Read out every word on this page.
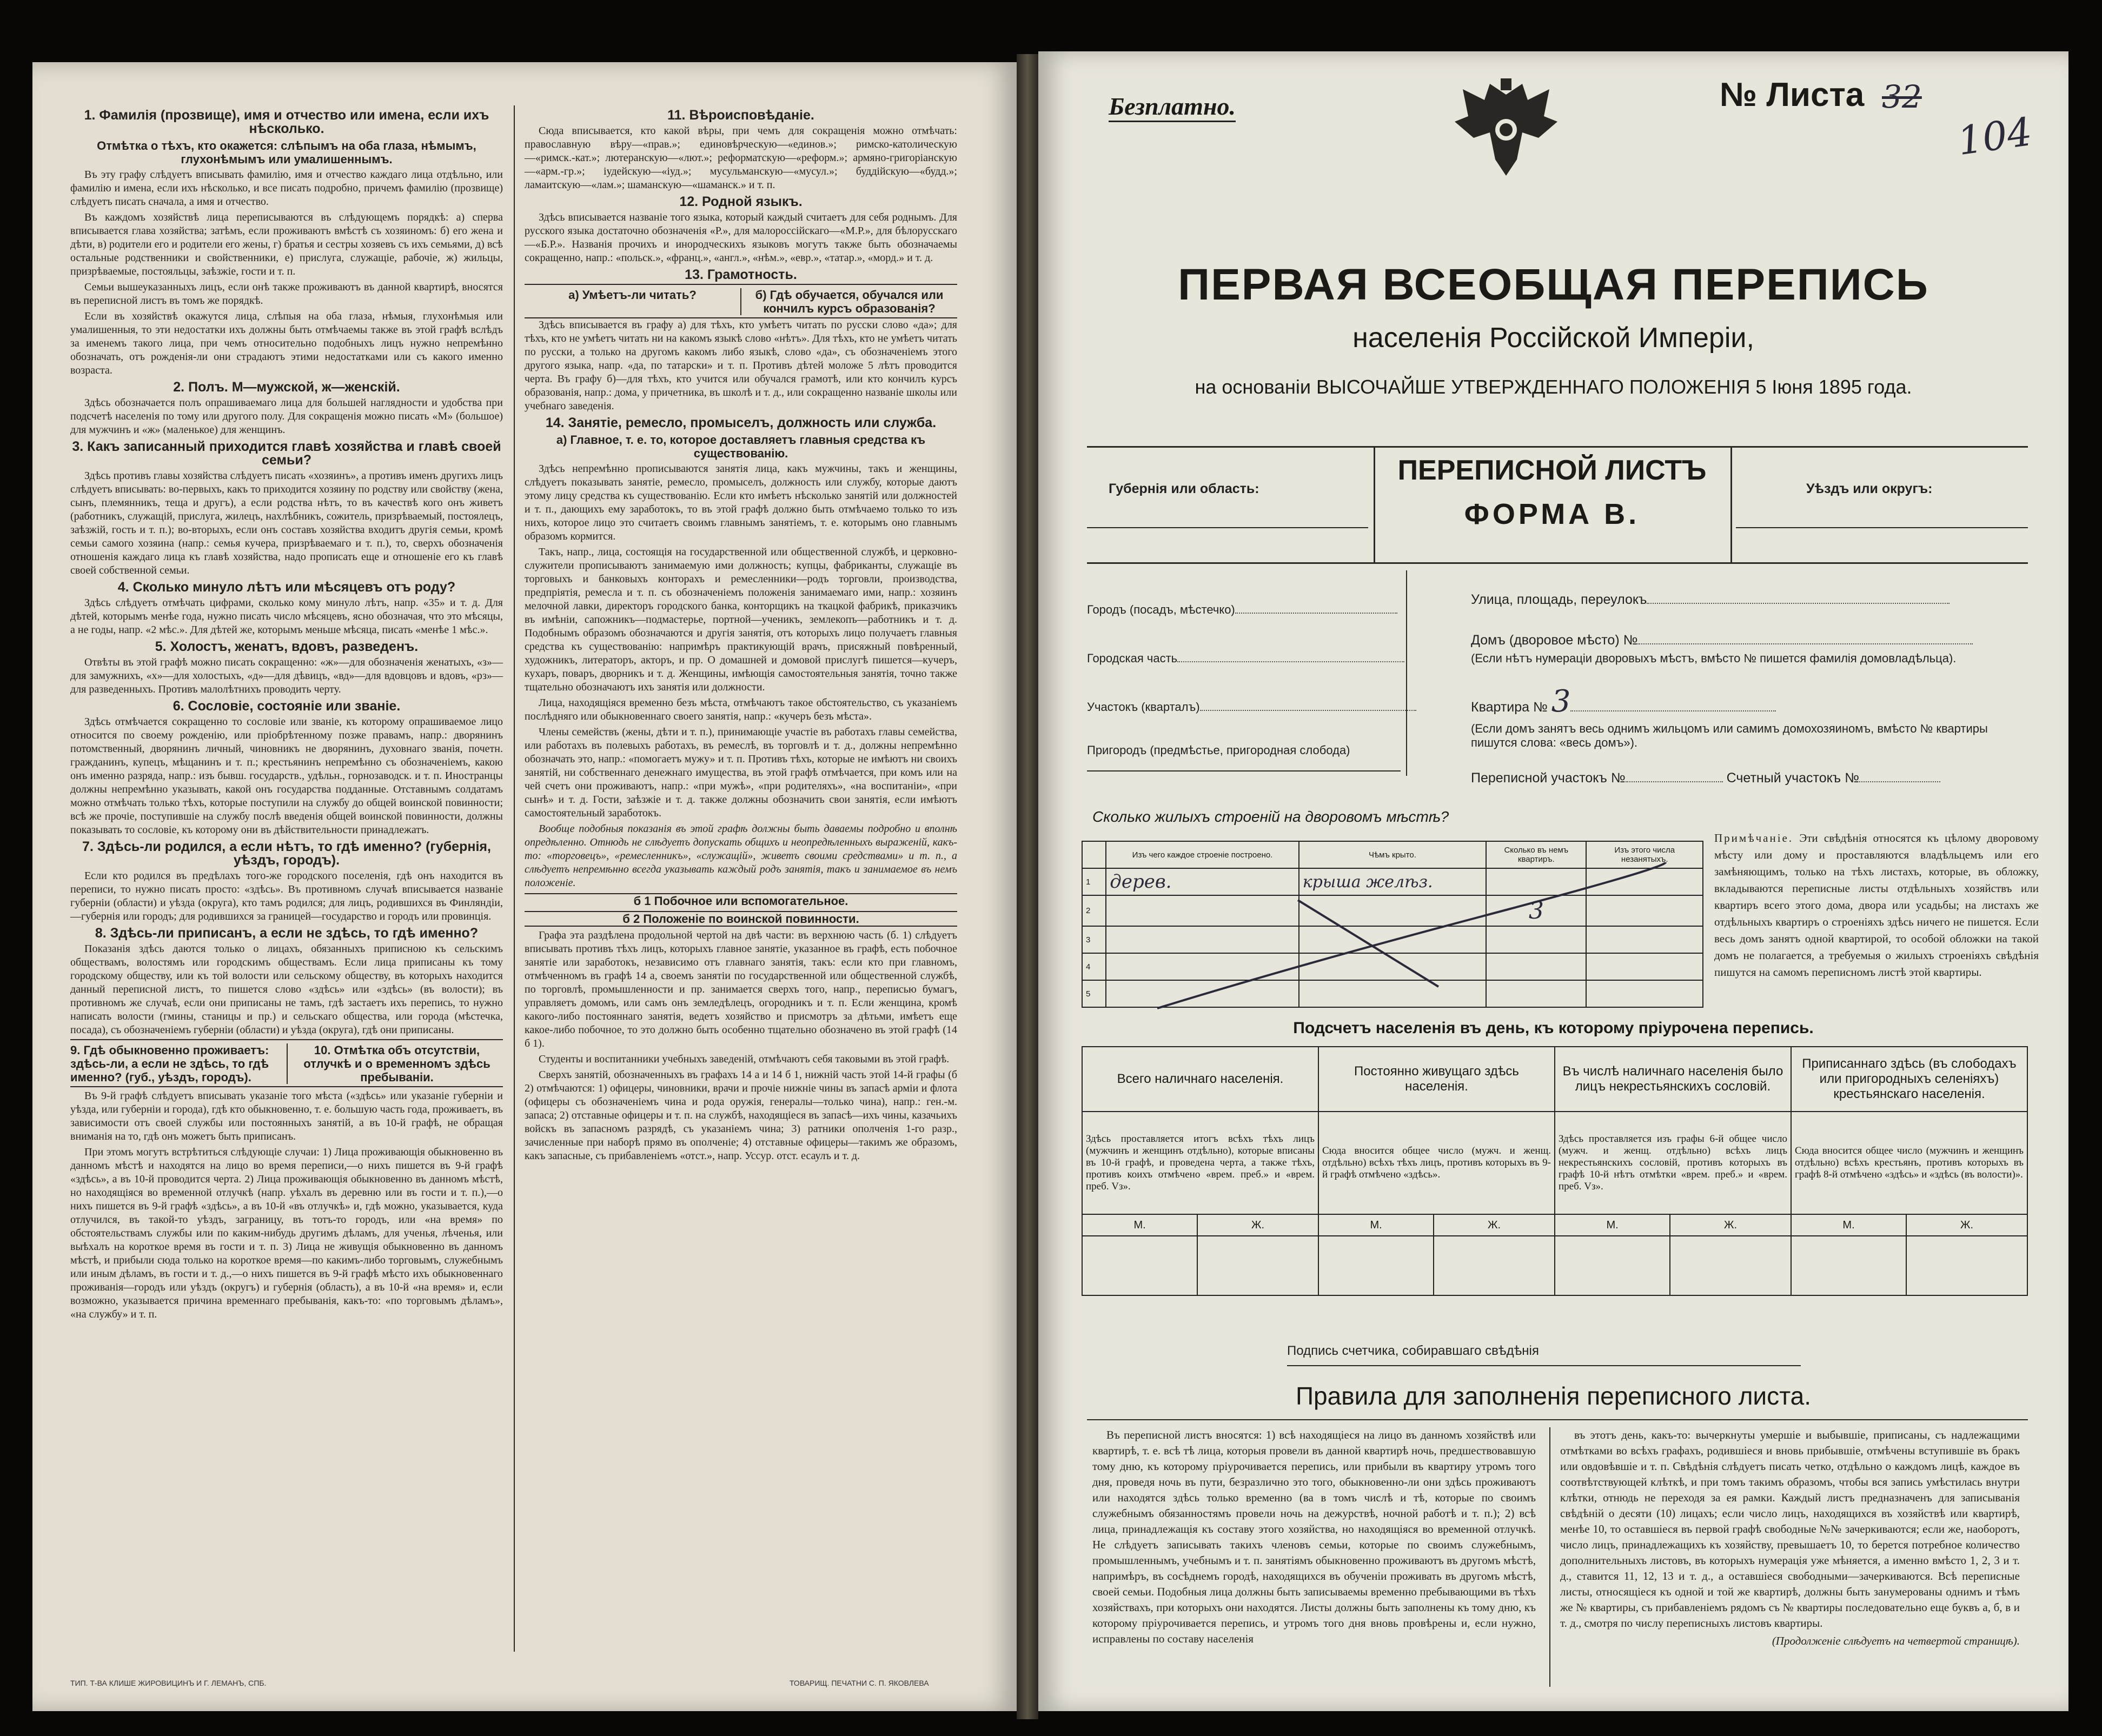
1. Фамилія (прозвище), имя и отчество или имена, если ихъ нѣсколько.
Отмѣтка о тѣхъ, кто окажется: слѣпымъ на оба глаза, нѣмымъ, глухонѣмымъ или умалишеннымъ.

Въ эту графу слѣдуетъ вписывать фамилію, имя и отчество каждаго лица отдѣльно, или фамилію и имена, если ихъ нѣсколько, и все писать подробно, причемъ фамилію (прозвище) слѣдуетъ писать сначала, а имя и отчество.

Въ каждомъ хозяйствѣ лица переписываются въ слѣдующемъ порядкѣ: а) сперва вписывается глава хозяйства; затѣмъ, если проживаютъ вмѣстѣ съ хозяиномъ: б) его жена и дѣти, в) родители его и родители его жены, г) братья и сестры хозяевъ съ ихъ семьями, д) всѣ остальные родственники и свойственники, е) прислуга, служащіе, рабочіе, ж) жильцы, призрѣваемые, постояльцы, заѣзжіе, гости и т. п.

Семьи вышеуказанныхъ лицъ, если онѣ также проживаютъ въ данной квартирѣ, вносятся въ переписной листъ въ томъ же порядкѣ.

Если въ хозяйствѣ окажутся лица, слѣпыя на оба глаза, нѣмыя, глухонѣмыя или умалишенныя, то эти недостатки ихъ должны быть отмѣчаемы также въ этой графѣ вслѣдъ за именемъ такого лица, при чемъ относительно подобныхъ лицъ нужно непремѣнно обозначать, отъ рожденія-ли они страдаютъ этими недостатками или съ какого именно возраста.

2. Полъ. М—мужской, ж—женскій.

Здѣсь обозначается полъ опрашиваемаго лица для большей наглядности и удобства при подсчетѣ населенія по тому или другого полу. Для сокращенія можно писать «М» (большое) для мужчинъ и «ж» (маленькое) для женщинъ.

3. Какъ записанный приходится главѣ хозяйства и главѣ своей семьи?

Здѣсь противъ главы хозяйства слѣдуетъ писать «хозяинъ», а противъ именъ другихъ лицъ слѣдуетъ вписывать: во-первыхъ, какъ то приходится хозяину по родству или свойству (жена, сынъ, племянникъ, теща и другъ), а если родства нѣтъ, то въ качествѣ кого онъ живетъ (работникъ, служащій, прислуга, жилецъ, нахлѣбникъ, сожитель, призрѣваемый, постоялецъ, заѣзжій, гость и т. п.); во-вторыхъ, если онъ составъ хозяйства входитъ другія семьи, кромѣ семьи самого хозяина (напр.: семья кучера, призрѣваемаго и т. п.), то, сверхъ обозначенія отношенія каждаго лица къ главѣ хозяйства, надо прописать еще и отношеніе его къ главѣ своей собственной семьи.

4. Сколько минуло лѣтъ или мѣсяцевъ отъ роду?

Здѣсь слѣдуетъ отмѣчать цифрами, сколько кому минуло лѣтъ, напр. «35» и т. д. Для дѣтей, которымъ менѣе года, нужно писать число мѣсяцевъ, ясно обозначая, что это мѣсяцы, а не годы, напр. «2 мѣс.». Для дѣтей же, которымъ меньше мѣсяца, писать «менѣе 1 мѣс.».

5. Холостъ, женатъ, вдовъ, разведенъ.

Отвѣты въ этой графѣ можно писать сокращенно: «ж»—для обозначенія женатыхъ, «з»—для замужнихъ, «х»—для холостыхъ, «д»—для дѣвицъ, «вд»—для вдовцовъ и вдовъ, «рз»—для разведенныхъ. Противъ малолѣтнихъ проводить черту.

6. Сословіе, состояніе или званіе.

Здѣсь отмѣчается сокращенно то сословіе или званіе, къ которому опрашиваемое лицо относится по своему рожденію, или пріобрѣтенному позже правамъ, напр.: дворянинъ потомственный, дворянинъ личный, чиновникъ не дворянинъ, духовнаго званія, почетн. гражданинъ, купецъ, мѣщанинъ и т. п.; крестьянинъ непремѣнно съ обозначеніемъ, какою онъ именно разряда, напр.: изъ бывш. государств., удѣльн., горнозаводск. и т. п. Иностранцы должны непремѣнно указывать, какой онъ государства подданные. Отставнымъ солдатамъ можно отмѣчать только тѣхъ, которые поступили на службу до общей воинской повинности; всѣ же прочіе, поступившіе на службу послѣ введенія общей воинской повинности, должны показывать то сословіе, къ которому они въ дѣйствительности принадлежатъ.

7. Здѣсь-ли родился, а если нѣтъ, то гдѣ именно? (губернія, уѣздъ, городъ).

Если кто родился въ предѣлахъ того-же городского поселенія, гдѣ онъ находится въ переписи, то нужно писать просто: «здѣсь». Въ противномъ случаѣ вписывается названіе губерніи (области) и уѣзда (округа), кто тамъ родился; для лицъ, родившихся въ Финляндіи,—губернія или городъ; для родившихся за границей—государство и городъ или провинція.

8. Здѣсь-ли приписанъ, а если не здѣсь, то гдѣ именно?

Показанія здѣсь даются только о лицахъ, обязанныхъ приписною къ сельскимъ обществамъ, волостямъ или городскимъ обществамъ. Если лица приписаны къ тому городскому обществу, или къ той волости или сельскому обществу, въ которыхъ находится данный переписной листъ, то пишется слово «здѣсь» или «здѣсь» (въ волости); въ противномъ же случаѣ, если они приписаны не тамъ, гдѣ застаетъ ихъ перепись, то нужно написать волости (гмины, станицы и пр.) и сельскаго общества, или города (мѣстечка, посада), съ обозначеніемъ губерніи (области) и уѣзда (округа), гдѣ они приписаны.

9. Гдѣ обыкновенно проживаетъ: здѣсь-ли, а если не здѣсь, то гдѣ именно? (губ., уѣздъ, городъ).
10. Отмѣтка объ отсутствіи, отлучкѣ и о временномъ здѣсь пребываніи.

Въ 9-й графѣ слѣдуетъ вписывать указаніе того мѣста («здѣсь» или указаніе губерніи и уѣзда, или губерніи и города), гдѣ кто обыкновенно, т. е. большую часть года, проживаетъ, въ зависимости отъ своей службы или постоянныхъ занятій, а въ 10-й графѣ, не обращая вниманія на то, гдѣ онъ можетъ быть приписанъ.

При этомъ могутъ встрѣтиться слѣдующіе случаи: 1) Лица проживающія обыкновенно въ данномъ мѣстѣ и находятся на лицо во время переписи,—о нихъ пишется въ 9-й графѣ «здѣсь», а въ 10-й проводится черта. 2) Лица проживающія обыкновенно въ данномъ мѣстѣ, но находящіяся во временной отлучкѣ (напр. уѣхалъ въ деревню или въ гости и т. п.),—о нихъ пишется въ 9-й графѣ «здѣсь», а въ 10-й «въ отлучкѣ» и, гдѣ можно, указывается, куда отлучился, въ такой-то уѣздъ, заграницу, въ тотъ-то городъ, или «на время» по обстоятельствамъ службы или по каким-нибудь другимъ дѣламъ, для ученья, лѣченья, или выѣхалъ на короткое время въ гости и т. п. 3) Лица не живущія обыкновенно въ данномъ мѣстѣ, и прибыли сюда только на короткое время—по какимъ-либо торговымъ, служебнымъ или иным дѣламъ, въ гости и т. д.,—о нихъ пишется въ 9-й графѣ мѣсто ихъ обыкновеннаго проживанія—городъ или уѣздъ (округъ) и губернія (область), а въ 10-й «на время» и, если возможно, указывается причина временнаго пребыванія, какъ-то: «по торговымъ дѣламъ», «на службу» и т. п.

11. Вѣроисповѣданіе.

Сюда вписывается, кто какой вѣры, при чемъ для сокращенія можно отмѣчать: православную вѣру—«прав.»; единовѣрческую—«единов.»; римско-католическую—«римск.-кат.»; лютеранскую—«лют.»; реформатскую—«реформ.»; армяно-григоріанскую—«арм.-гр.»; іудейскую—«іуд.»; мусульманскую—«мусул.»; буддійскую—«будд.»; ламаитскую—«лам.»; шаманскую—«шаманск.» и т. п.

12. Родной языкъ.

Здѣсь вписывается названіе того языка, который каждый считаетъ для себя роднымъ. Для русского языка достаточно обозначенія «Р.», для малороссійскаго—«М.Р.», для бѣлорусскаго—«Б.Р.». Названія прочихъ и инородческихъ языковъ могутъ также быть обозначаемы сокращенно, напр.: «польск.», «франц.», «англ.», «нѣм.», «евр.», «татар.», «морд.» и т. д.

13. Грамотность.
а) Умѣетъ-ли читать?	б) Гдѣ обучается, обучался или кончилъ курсъ образованія?

Здѣсь вписывается въ графу а) для тѣхъ, кто умѣетъ читать по русски слово «да»; для тѣхъ, кто не умѣетъ читать ни на какомъ языкѣ слово «нѣтъ». Для тѣхъ, кто не умѣетъ читать по русски, а только на другомъ какомъ либо языкѣ, слово «да», съ обозначеніемъ этого другого языка, напр. «да, по татарски» и т. п. Противъ дѣтей моложе 5 лѣтъ проводится черта. Въ графу б)—для тѣхъ, кто учится или обучался грамотѣ, или кто кончилъ курсъ образованія, напр.: дома, у причетника, въ школѣ и т. д., или сокращенно названіе школы или учебнаго заведенія.

14. Занятіе, ремесло, промыселъ, должность или служба.
а) Главное, т. е. то, которое доставляетъ главныя средства къ существованію.

Здѣсь непремѣнно прописываются занятія лица, какъ мужчины, такъ и женщины, слѣдуетъ показывать занятіе, ремесло, промыселъ, должность или службу, которые даютъ этому лицу средства къ существованію. Если кто имѣетъ нѣсколько занятій или должностей и т. п., дающихъ ему заработокъ, то въ этой графѣ должно быть отмѣчаемо только то изъ нихъ, которое лицо это считаетъ своимъ главнымъ занятіемъ, т. е. которымъ оно главнымъ образомъ кормится.

Такъ, напр., лица, состоящія на государственной или общественной службѣ, и церковно-служители прописываютъ занимаемую ими должность; купцы, фабриканты, служащіе въ торговыхъ и банковыхъ конторахъ и ремесленники—родъ торговли, производства, предпріятія, ремесла и т. п. съ обозначеніемъ положенія занимаемаго ими, напр.: хозяинъ мелочной лавки, директоръ городского банка, конторщикъ на ткацкой фабрикѣ, приказчикъ въ имѣніи, сапожникъ—подмастерье, портной—ученикъ, землекопъ—работникъ и т. д. Подобнымъ образомъ обозначаются и другія занятія, отъ которыхъ лицо получаетъ главныя средства къ существованію: напримѣръ практикующій врачъ, присяжный повѣренный, художникъ, литераторъ, акторъ, и пр. О домашней и домовой прислугѣ пишется—кучеръ, кухаръ, поваръ, дворникъ и т. д. Женщины, имѣющія самостоятельныя занятія, точно также тщательно обозначаютъ ихъ занятія или должности.

Лица, находящіяся временно безъ мѣста, отмѣчаютъ такое обстоятельство, съ указаніемъ послѣдняго или обыкновеннаго своего занятія, напр.: «кучеръ безъ мѣста».

Члены семействъ (жены, дѣти и т. п.), принимающіе участіе въ работахъ главы семейства, или работахъ въ полевыхъ работахъ, въ ремеслѣ, въ торговлѣ и т. д., должны непремѣнно обозначать это, напр.: «помогаетъ мужу» и т. п. Противъ тѣхъ, которые не имѣютъ ни своихъ занятій, ни собственнаго денежнаго имущества, въ этой графѣ отмѣчается, при комъ или на чей счетъ они проживаютъ, напр.: «при мужѣ», «при родителяхъ», «на воспитаніи», «при сынѣ» и т. д. Гости, заѣзжіе и т. д. также должны обозначить свои занятія, если имѣютъ самостоятельный заработокъ.

Вообще подобныя показанія въ этой графѣ должны быть даваемы подробно и вполнѣ опредѣленно. Отнюдь не слѣдуетъ допускать общихъ и неопредѣленныхъ выраженій, какъ-то: «торговецъ», «ремесленникъ», «служащій», живетъ своими средствами» и т. п., а слѣдуетъ непремѣнно всегда указывать каждый родъ занятія, такъ и занимаемое въ немъ положеніе.

б 1 Побочное или вспомогательное.
б 2 Положеніе по воинской повинности.

Графа эта раздѣлена продольной чертой на двѣ части: въ верхнюю часть (б. 1) слѣдуетъ вписывать противъ тѣхъ лицъ, которыхъ главное занятіе, указанное въ графѣ, есть побочное занятіе или заработокъ, независимо отъ главнаго занятія, такъ: если кто при главномъ, отмѣченномъ въ графѣ 14 а, своемъ занятіи по государственной или общественной службѣ, по торговлѣ, промышленности и пр. занимается сверхъ того, напр., переписью бумагъ, управляетъ домомъ, или самъ онъ земледѣлецъ, огородникъ и т. п. Если женщина, кромѣ какого-либо постояннаго занятія, ведетъ хозяйство и присмотръ за дѣтьми, имѣетъ еще какое-либо побочное, то это должно быть особенно тщательно обозначено въ этой графѣ (14 б 1).

Студенты и воспитанники учебныхъ заведеній, отмѣчаютъ себя таковыми въ этой графѣ.

Сверхъ занятій, обозначенныхъ въ графахъ 14 а и 14 б 1, нижній часть этой 14-й графы (б 2) отмѣчаются: 1) офицеры, чиновники, врачи и прочіе нижніе чины въ запасѣ арміи и флота (офицеры съ обозначеніемъ чина и рода оружія, генералы—только чина), напр.: ген.-м. запаса; 2) отставные офицеры и т. п. на службѣ, находящіеся въ запасѣ—ихъ чины, казачьихъ войскъ въ запасномъ разрядѣ, съ указаніемъ чина; 3) ратники ополченія 1-го разр., зачисленные при наборѣ прямо въ ополченіе; 4) отставные офицеры—такимъ же образомъ, какъ запасные, съ прибавленіемъ «отст.», напр. Уссур. отст. есаулъ и т. д.

ТИП. Т-ВА КЛИШЕ ЖИРОВИЦИНЪ И Г. ЛЕМАНЪ, СПБ.	ТОВАРИЩ. ПЕЧАТНИ С. П. ЯКОВЛЕВА
Безплатно.	№ Листа 32
104
ПЕРВАЯ ВСЕОБЩАЯ ПЕРЕПИСЬ
населенія Россійской Имперіи,
на основаніи ВЫСОЧАЙШЕ УТВЕРЖДЕННАГО ПОЛОЖЕНІЯ 5 Іюня 1895 года.
Губернія или область:
ПЕРЕПИСНОЙ ЛИСТЪ
ФОРМА В.
Уѣздъ или округъ:
Городъ (посадъ, мѣстечко)
Городская часть
Участокъ (кварталъ)
Пригородъ (предмѣстье, пригородная слобода)
Улица, площадь, переулокъ
Домъ (дворовое мѣсто) №
(Если нѣтъ нумераціи дворовыхъ мѣстъ, вмѣсто № пишется фамилія домовладѣльца).
Квартира № 3
(Если домъ занятъ весь однимъ жильцомъ или самимъ домохозяиномъ, вмѣсто № квартиры пишутся слова: «весь домъ»).
Переписной участокъ №	Счетный участокъ №
Сколько жилыхъ строеній на дворовомъ мѣстѣ?
	Изъ чего каждое строеніе построено.	Чѣмъ крыто.	Сколько въ немъ квартиръ.	Изъ этого числа незанятыхъ.
1	дерев.	крыша желѣз.		
2			3	
3				
4				
5				
Примѣчаніе. Эти свѣдѣнія относятся къ цѣлому дворовому мѣсту или дому и проставляются владѣльцемъ или его замѣняющимъ, только на тѣхъ листахъ, которые, въ обложку, вкладываются переписные листы отдѣльныхъ хозяйствъ или квартиръ всего этого дома, двора или усадьбы; на листахъ же отдѣльныхъ квартиръ о строеніяхъ здѣсь ничего не пишется. Если весь домъ занятъ одной квартирой, то особой обложки на такой домъ не полагается, а требуемыя о жилыхъ строеніяхъ свѣдѣнія пишутся на самомъ переписномъ листѣ этой квартиры.
Подсчетъ населенія въ день, къ которому пріурочена перепись.
Всего наличнаго населенія.		Постоянно живущаго здѣсь населенія.		Въ числѣ наличнаго населенія было лицъ некрестьянскихъ сословій.		Приписаннаго здѣсь (въ слободахъ или пригородныхъ селеніяхъ) крестьянскаго населенія.	
Здѣсь проставляется итогъ всѣхъ тѣхъ лицъ (мужчинъ и женщинъ отдѣльно), которые вписаны въ 10-й графѣ, и проведена черта, а также тѣхъ, противъ коихъ отмѣчено «врем. преб.» и «врем. преб. Vз».		Сюда вносится общее число (мужч. и женщ. отдѣльно) всѣхъ тѣхъ лицъ, противъ которыхъ въ 9-й графѣ отмѣчено «здѣсь».		Здѣсь проставляется изъ графы 6-й общее число (мужч. и женщ. отдѣльно) всѣхъ лицъ некрестьянскихъ сословій, противъ которыхъ въ графѣ 10-й нѣтъ отмѣтки «врем. преб.» и «врем. преб. Vз».		Сюда вносится общее число (мужчинъ и женщинъ отдѣльно) всѣхъ крестьянъ, противъ которыхъ въ графѣ 8-й отмѣчено «здѣсь» и «здѣсь (въ волости)».	
М.	Ж.	М.	Ж.	М.	Ж.	М.	Ж.

Подпись счетчика, собиравшаго свѣдѣнія
Правила для заполненія переписного листа.

Въ переписной листъ вносятся: 1) всѣ находящіеся на лицо въ данномъ хозяйствѣ или квартирѣ, т. е. всѣ тѣ лица, которыя провели въ данной квартирѣ ночь, предшествовавшую тому дню, къ которому пріурочивается перепись, или прибыли въ квартиру утромъ того дня, проведя ночь въ пути, безразлично это того, обыкновенно-ли они здѣсь проживаютъ или находятся здѣсь только временно (ва в томъ числѣ и тѣ, которые по своимъ служебнымъ обязанностямъ провели ночь на дежурствѣ, ночной работѣ и т. п.); 2) всѣ лица, принадлежащія къ составу этого хозяйства, но находящіяся во временной отлучкѣ. Не слѣдуетъ записывать такихъ членовъ семьи, которые по своимъ служебнымъ, промышленнымъ, учебнымъ и т. п. занятіямъ обыкновенно проживаютъ въ другомъ мѣстѣ, напримѣръ, въ сосѣднемъ городѣ, находящихся въ обученіи проживать въ другомъ мѣстѣ, своей семьи. Подобныя лица должны быть записываемы временно пребывающими въ тѣхъ хозяйствахъ, при которыхъ они находятся. Листы должны быть заполнены къ тому дню, къ которому пріурочивается перепись, и утромъ того дня вновь провѣрены и, если нужно, исправлены по составу населенія

въ этотъ день, какъ-то: вычеркнуты умершіе и выбывшіе, приписаны, съ надлежащими отмѣтками во всѣхъ графахъ, родившіеся и вновь прибывшіе, отмѣчены вступившіе въ бракъ или овдовѣвшіе и т. п. Свѣдѣнія слѣдуетъ писать четко, отдѣльно о каждомъ лицѣ, каждое въ соотвѣтствующей клѣткѣ, и при томъ такимъ образомъ, чтобы вся запись умѣстилась внутри клѣтки, отнюдь не переходя за ея рамки. Каждый листъ предназначенъ для записыванія свѣдѣній о десяти (10) лицахъ; если число лицъ, находящихся въ хозяйствѣ или квартирѣ, менѣе 10, то оставшіеся въ первой графѣ свободные №№ зачеркиваются; если же, наоборотъ, число лицъ, принадлежащихъ къ хозяйству, превышаетъ 10, то берется потребное количество дополнительныхъ листовъ, въ которыхъ нумерація уже мѣняется, а именно вмѣсто 1, 2, 3 и т. д., ставится 11, 12, 13 и т. д., а оставшіеся свободными—зачеркиваются. Всѣ переписные листы, относящіеся къ одной и той же квартирѣ, должны быть занумерованы однимъ и тѣмъ же № квартиры, съ прибавленіемъ рядомъ съ № квартиры последовательно еще буквъ а, б, в и т. д., смотря по числу переписныхъ листовъ квартиры.

(Продолженіе слѣдуетъ на четвертой страницѣ).
